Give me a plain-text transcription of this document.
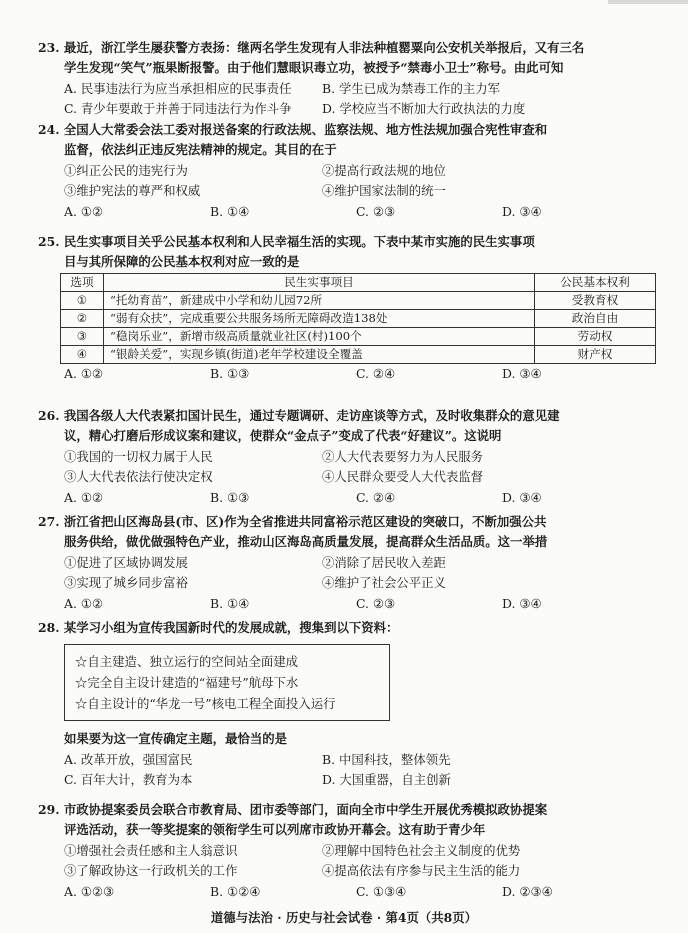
23. 最近，浙江学生屡获警方表扬：继两名学生发现有人非法种植罂粟向公安机关举报后，又有三名
学生发现“笑气”瓶果断报警。由于他们慧眼识毒立功，被授予“禁毒小卫士”称号。由此可知
A. 民事违法行为应当承担相应的民事责任	B. 学生已成为禁毒工作的主力军
C. 青少年要敢于并善于同违法行为作斗争	D. 学校应当不断加大行政执法的力度
24. 全国人大常委会法工委对报送备案的行政法规、监察法规、地方性法规加强合宪性审查和
监督，依法纠正违反宪法精神的规定。其目的在于
①纠正公民的违宪行为	②提高行政法规的地位
③维护宪法的尊严和权威	④维护国家法制的统一
A. ①②	B. ①④	C. ②③	D. ③④
25. 民生实事项目关乎公民基本权利和人民幸福生活的实现。下表中某市实施的民生实事项
目与其所保障的公民基本权利对应一致的是
选项	民生实事项目	公民基本权利
①	“托幼育苗”，新建成中小学和幼儿园72所	受教育权
②	“弱有众扶”，完成重要公共服务场所无障碍改造138处	政治自由
③	“稳岗乐业”，新增市级高质量就业社区(村)100个	劳动权
④	“银龄关爱”，实现乡镇(街道)老年学校建设全覆盖	财产权
A. ①②	B. ①③	C. ②④	D. ③④
26. 我国各级人大代表紧扣国计民生，通过专题调研、走访座谈等方式，及时收集群众的意见建
议，精心打磨后形成议案和建议，使群众“金点子”变成了代表“好建议”。这说明
①我国的一切权力属于人民	②人大代表要努力为人民服务
③人大代表依法行使决定权	④人民群众要受人大代表监督
A. ①②	B. ①③	C. ②④	D. ③④
27. 浙江省把山区海岛县(市、区)作为全省推进共同富裕示范区建设的突破口，不断加强公共
服务供给，做优做强特色产业，推动山区海岛高质量发展，提高群众生活品质。这一举措
①促进了区域协调发展	②消除了居民收入差距
③实现了城乡同步富裕	④维护了社会公平正义
A. ①②	B. ①④	C. ②③	D. ③④
28. 某学习小组为宣传我国新时代的发展成就，搜集到以下资料：
☆自主建造、独立运行的空间站全面建成
☆完全自主设计建造的“福建号”航母下水
☆自主设计的“华龙一号”核电工程全面投入运行
如果要为这一宣传确定主题，最恰当的是
A. 改革开放，强国富民	B. 中国科技，整体领先
C. 百年大计，教育为本	D. 大国重器，自主创新
29. 市政协提案委员会联合市教育局、团市委等部门，面向全市中学生开展优秀模拟政协提案
评选活动，获一等奖提案的领衔学生可以列席市政协开幕会。这有助于青少年
①增强社会责任感和主人翁意识	②理解中国特色社会主义制度的优势
③了解政协这一行政机关的工作	④提高依法有序参与民主生活的能力
A. ①②③	B. ①②④	C. ①③④	D. ②③④
道德与法治 · 历史与社会试卷 · 第4页（共8页）
